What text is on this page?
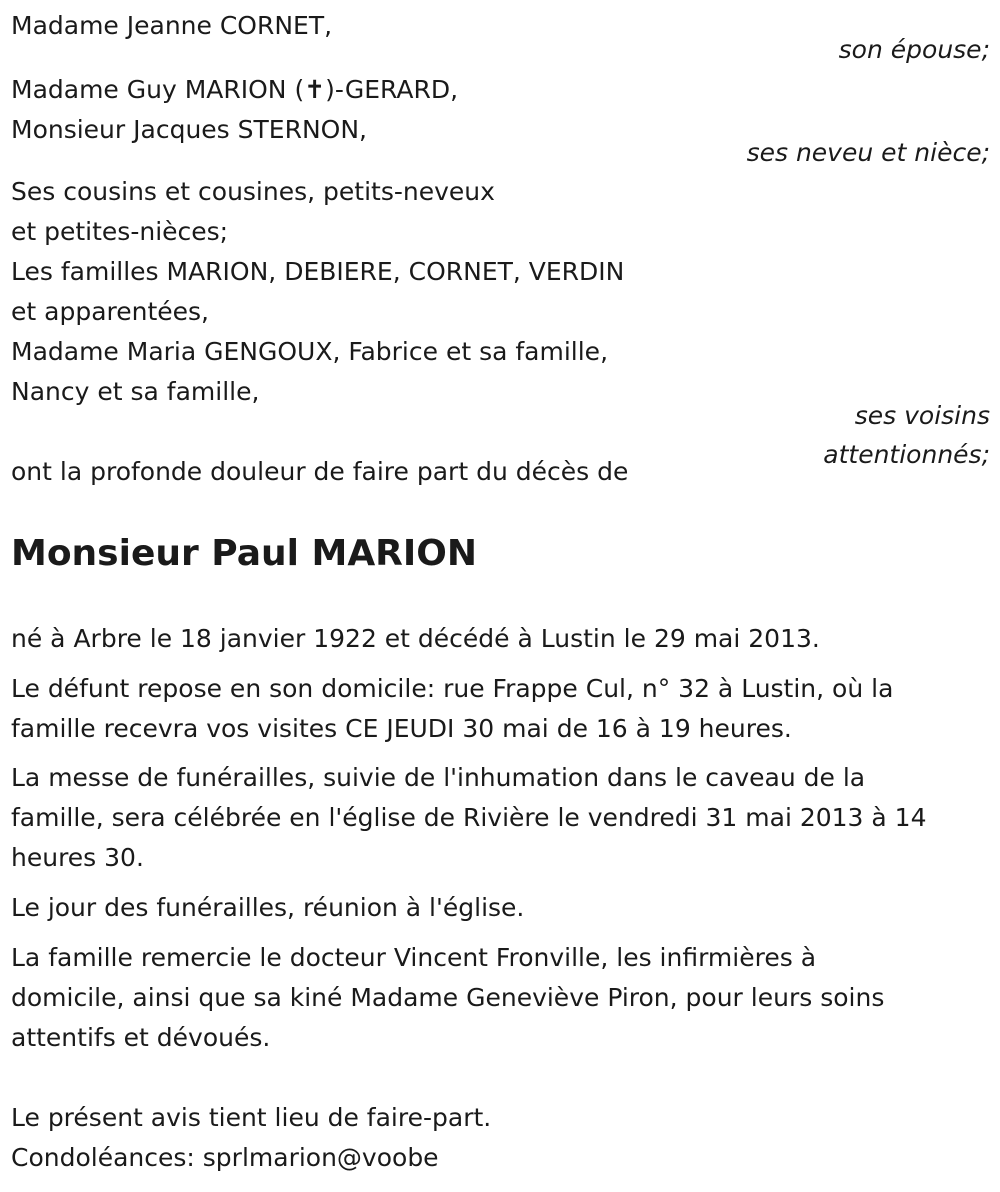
Madame Jeanne CORNET,
son épouse;
Madame Guy MARION (✝)-GERARD,
Monsieur Jacques STERNON,
ses neveu et nièce;
Ses cousins et cousines, petits-neveux
et petites-nièces;
Les familles MARION, DEBIERE, CORNET, VERDIN
et apparentées,
Madame Maria GENGOUX, Fabrice et sa famille,
Nancy et sa famille,
ses voisins
attentionnés;
ont la profonde douleur de faire part du décès de
Monsieur Paul MARION
né à Arbre le 18 janvier 1922 et décédé à Lustin le 29 mai 2013.
Le défunt repose en son domicile: rue Frappe Cul, n° 32 à Lustin, où la
famille recevra vos visites CE JEUDI 30 mai de 16 à 19 heures.
La messe de funérailles, suivie de l'inhumation dans le caveau de la
famille, sera célébrée en l'église de Rivière le vendredi 31 mai 2013 à 14
heures 30.
Le jour des funérailles, réunion à l'église.
La famille remercie le docteur Vincent Fronville, les infirmières à
domicile, ainsi que sa kiné Madame Geneviève Piron, pour leurs soins
attentifs et dévoués.
Le présent avis tient lieu de faire-part.
Condoléances: sprlmarion@voobe
